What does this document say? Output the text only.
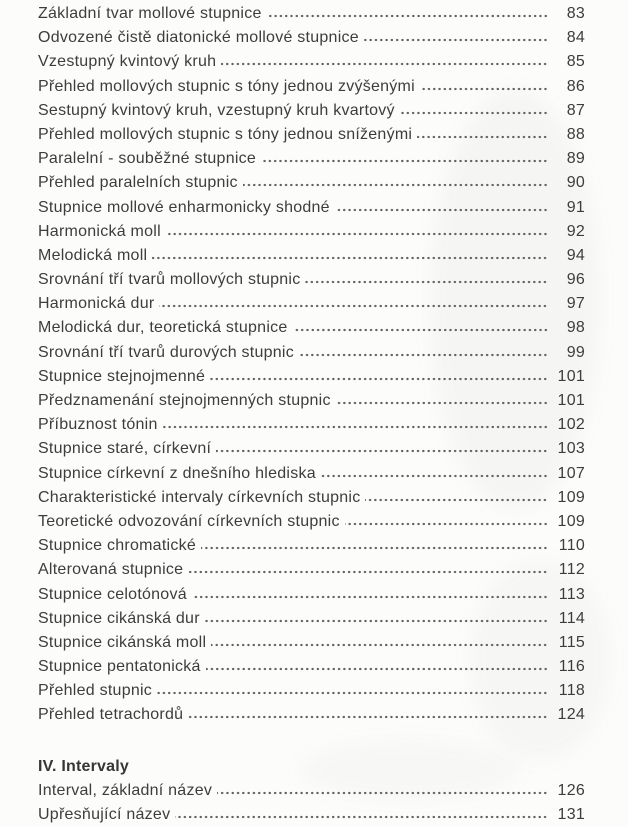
Základní tvar mollové stupnice	83
Odvozené čistě diatonické mollové stupnice	84
Vzestupný kvintový kruh	85
Přehled mollových stupnic s tóny jednou zvýšenými	86
Sestupný kvintový kruh, vzestupný kruh kvartový	87
Přehled mollových stupnic s tóny jednou sníženými	88
Paralelní - souběžné stupnice	89
Přehled paralelních stupnic	90
Stupnice mollové enharmonicky shodné	91
Harmonická moll	92
Melodická moll	94
Srovnání tří tvarů mollových stupnic	96
Harmonická dur	97
Melodická dur, teoretická stupnice	98
Srovnání tří tvarů durových stupnic	99
Stupnice stejnojmenné	101
Předznamenání stejnojmenných stupnic	101
Příbuznost tónin	102
Stupnice staré, církevní	103
Stupnice církevní z dnešního hlediska	107
Charakteristické intervaly církevních stupnic	109
Teoretické odvozování církevních stupnic	109
Stupnice chromatické	110
Alterovaná stupnice	112
Stupnice celotónová	113
Stupnice cikánská dur	114
Stupnice cikánská moll	115
Stupnice pentatonická	116
Přehled stupnic	118
Přehled tetrachordů	124
IV. Intervaly
Interval, základní název	126
Upřesňující název	131
